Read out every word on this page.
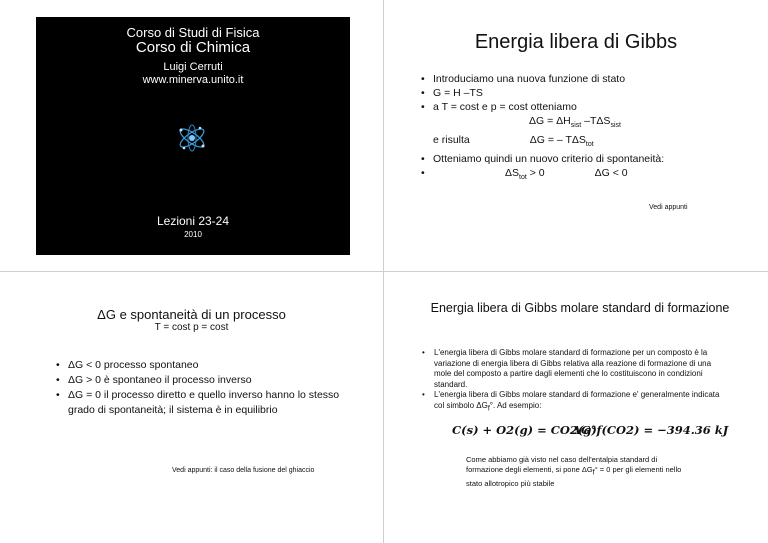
Corso di Studi di Fisica
Corso di Chimica
Luigi Cerruti
www.minerva.unito.it
Lezioni 23-24
2010
Energia libera di Gibbs
• Introduciamo una nuova funzione di stato
• G = H –TS
• a T = cost e p = cost otteniamo
$\Delta G = \Delta H_{sist}$ $-T\Delta S_{sist}$
e risulta	ΔG = – $T\Delta S_{tot}$
• Otteniamo quindi un nuovo criterio di spontaneità:
• $\Delta S_{tot} > 0$	ΔG < 0
Vedi appunti
ΔG e spontaneità di un processo
T = cost p = cost
• ΔG < 0 processo spontaneo
• ΔG > 0 è spontaneo il processo inverso
• ΔG = 0 il processo diretto e quello inverso hanno lo stesso grado di spontaneità; il sistema è in equilibrio
Vedi appunti: il caso della fusione del ghiaccio
Energia libera di Gibbs molare standard di formazione
• L'energia libera di Gibbs molare standard di formazione per un composto è la variazione di energia libera di Gibbs relativa alla reazione di formazione di una mole del composto a partire dagli elementi che lo costituiscono in condizioni standard.
• L'energia libera di Gibbs molare standard di formazione e' generalmente indicata col simbolo $\Delta G_f^\circ$. Ad esempio:
C(s) + O2(g) = CO2(g)
ΔG°f(CO2) = −394.36 kJ
Come abbiamo già visto nel caso dell'entalpia standard di formazione degli elementi, si pone $\Delta G_f^\circ = 0$ per gli elementi nello stato allotropico più stabile
